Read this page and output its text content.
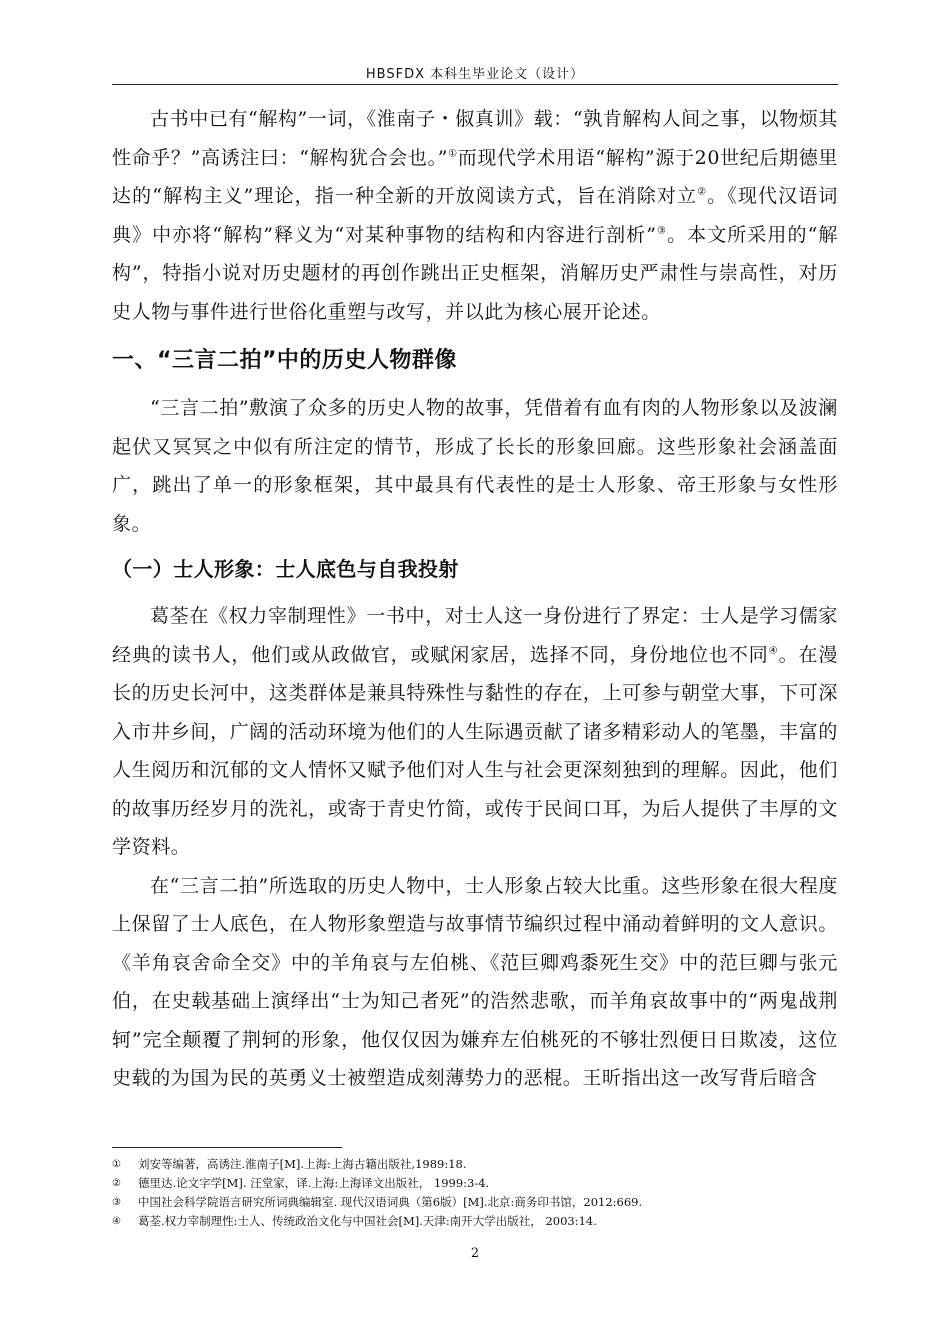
HBSFDX 本科生毕业论文（设计）

古书中已有“解构”一词，《淮南子・俶真训》载：“孰肯解构人间之事，以物烦其性命乎？”高诱注曰：“解构犹合会也。”①而现代学术用语“解构”源于20世纪后期德里达的“解构主义”理论，指一种全新的开放阅读方式，旨在消除对立②。《现代汉语词典》中亦将“解构”释义为“对某种事物的结构和内容进行剖析”③。本文所采用的“解构”，特指小说对历史题材的再创作跳出正史框架，消解历史严肃性与崇高性，对历史人物与事件进行世俗化重塑与改写，并以此为核心展开论述。

一、“三言二拍”中的历史人物群像

“三言二拍”敷演了众多的历史人物的故事，凭借着有血有肉的人物形象以及波澜起伏又冥冥之中似有所注定的情节，形成了长长的形象回廊。这些形象社会涵盖面广，跳出了单一的形象框架，其中最具有代表性的是士人形象、帝王形象与女性形象。

（一）士人形象：士人底色与自我投射

葛荃在《权力宰制理性》一书中，对士人这一身份进行了界定：士人是学习儒家经典的读书人，他们或从政做官，或赋闲家居，选择不同，身份地位也不同④。在漫长的历史长河中，这类群体是兼具特殊性与黏性的存在，上可参与朝堂大事，下可深入市井乡间，广阔的活动环境为他们的人生际遇贡献了诸多精彩动人的笔墨，丰富的人生阅历和沉郁的文人情怀又赋予他们对人生与社会更深刻独到的理解。因此，他们的故事历经岁月的洗礼，或寄于青史竹简，或传于民间口耳，为后人提供了丰厚的文学资料。

在“三言二拍”所选取的历史人物中，士人形象占较大比重。这些形象在很大程度上保留了士人底色，在人物形象塑造与故事情节编织过程中涌动着鲜明的文人意识。《羊角哀舍命全交》中的羊角哀与左伯桃、《范巨卿鸡黍死生交》中的范巨卿与张元伯，在史载基础上演绎出“士为知己者死”的浩然悲歌，而羊角哀故事中的“两鬼战荆轲”完全颠覆了荆轲的形象，他仅仅因为嫌弃左伯桃死的不够壮烈便日日欺凌，这位史载的为国为民的英勇义士被塑造成刻薄势力的恶棍。王昕指出这一改写背后暗含

①	刘安等编著，高诱注.淮南子[M].上海:上海古籍出版社,1989:18.
②	德里达.论文字学[M]. 汪堂家，译.上海:上海译文出版社， 1999:3-4.
③	中国社会科学院语言研究所词典编辑室. 现代汉语词典（第6版）[M].北京:商务印书馆，2012:669.
④	葛荃.权力宰制理性:士人、传统政治文化与中国社会[M].天津:南开大学出版社， 2003:14.
2
